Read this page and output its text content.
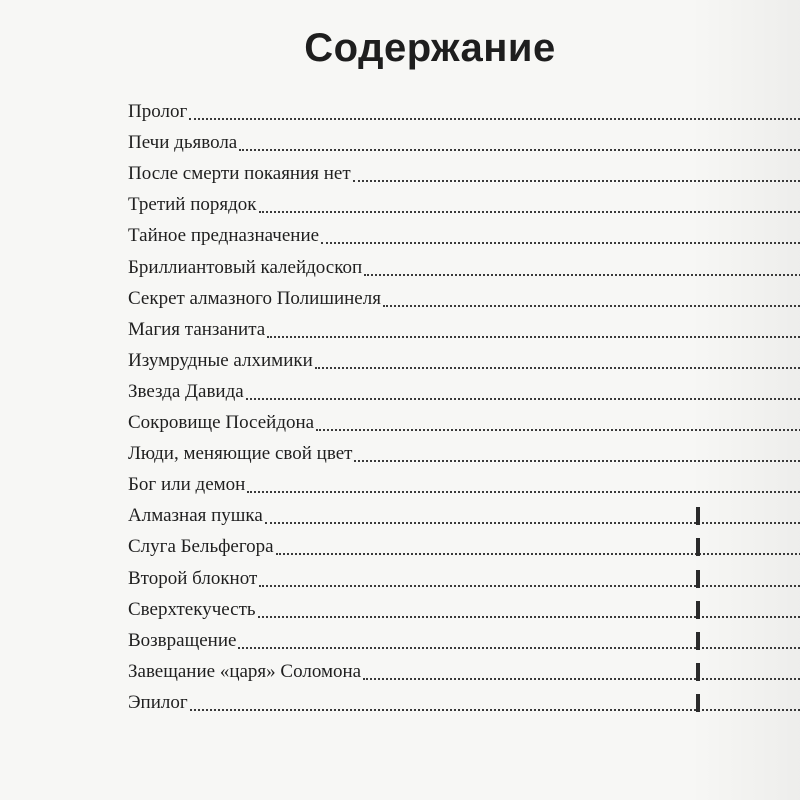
Содержание
Пролог
Печи дьявола
После смерти покаяния нет
Третий порядок
Тайное предназначение
Бриллиантовый калейдоскоп
Секрет алмазного Полишинеля
Магия танзанита
Изумрудные алхимики
Звезда Давида
Сокровище Посейдона
Люди, меняющие свой цвет
Бог или демон
Алмазная пушка
Слуга Бельфегора
Второй блокнот
Сверхтекучесть
Возвращение
Завещание «царя» Соломона
Эпилог
